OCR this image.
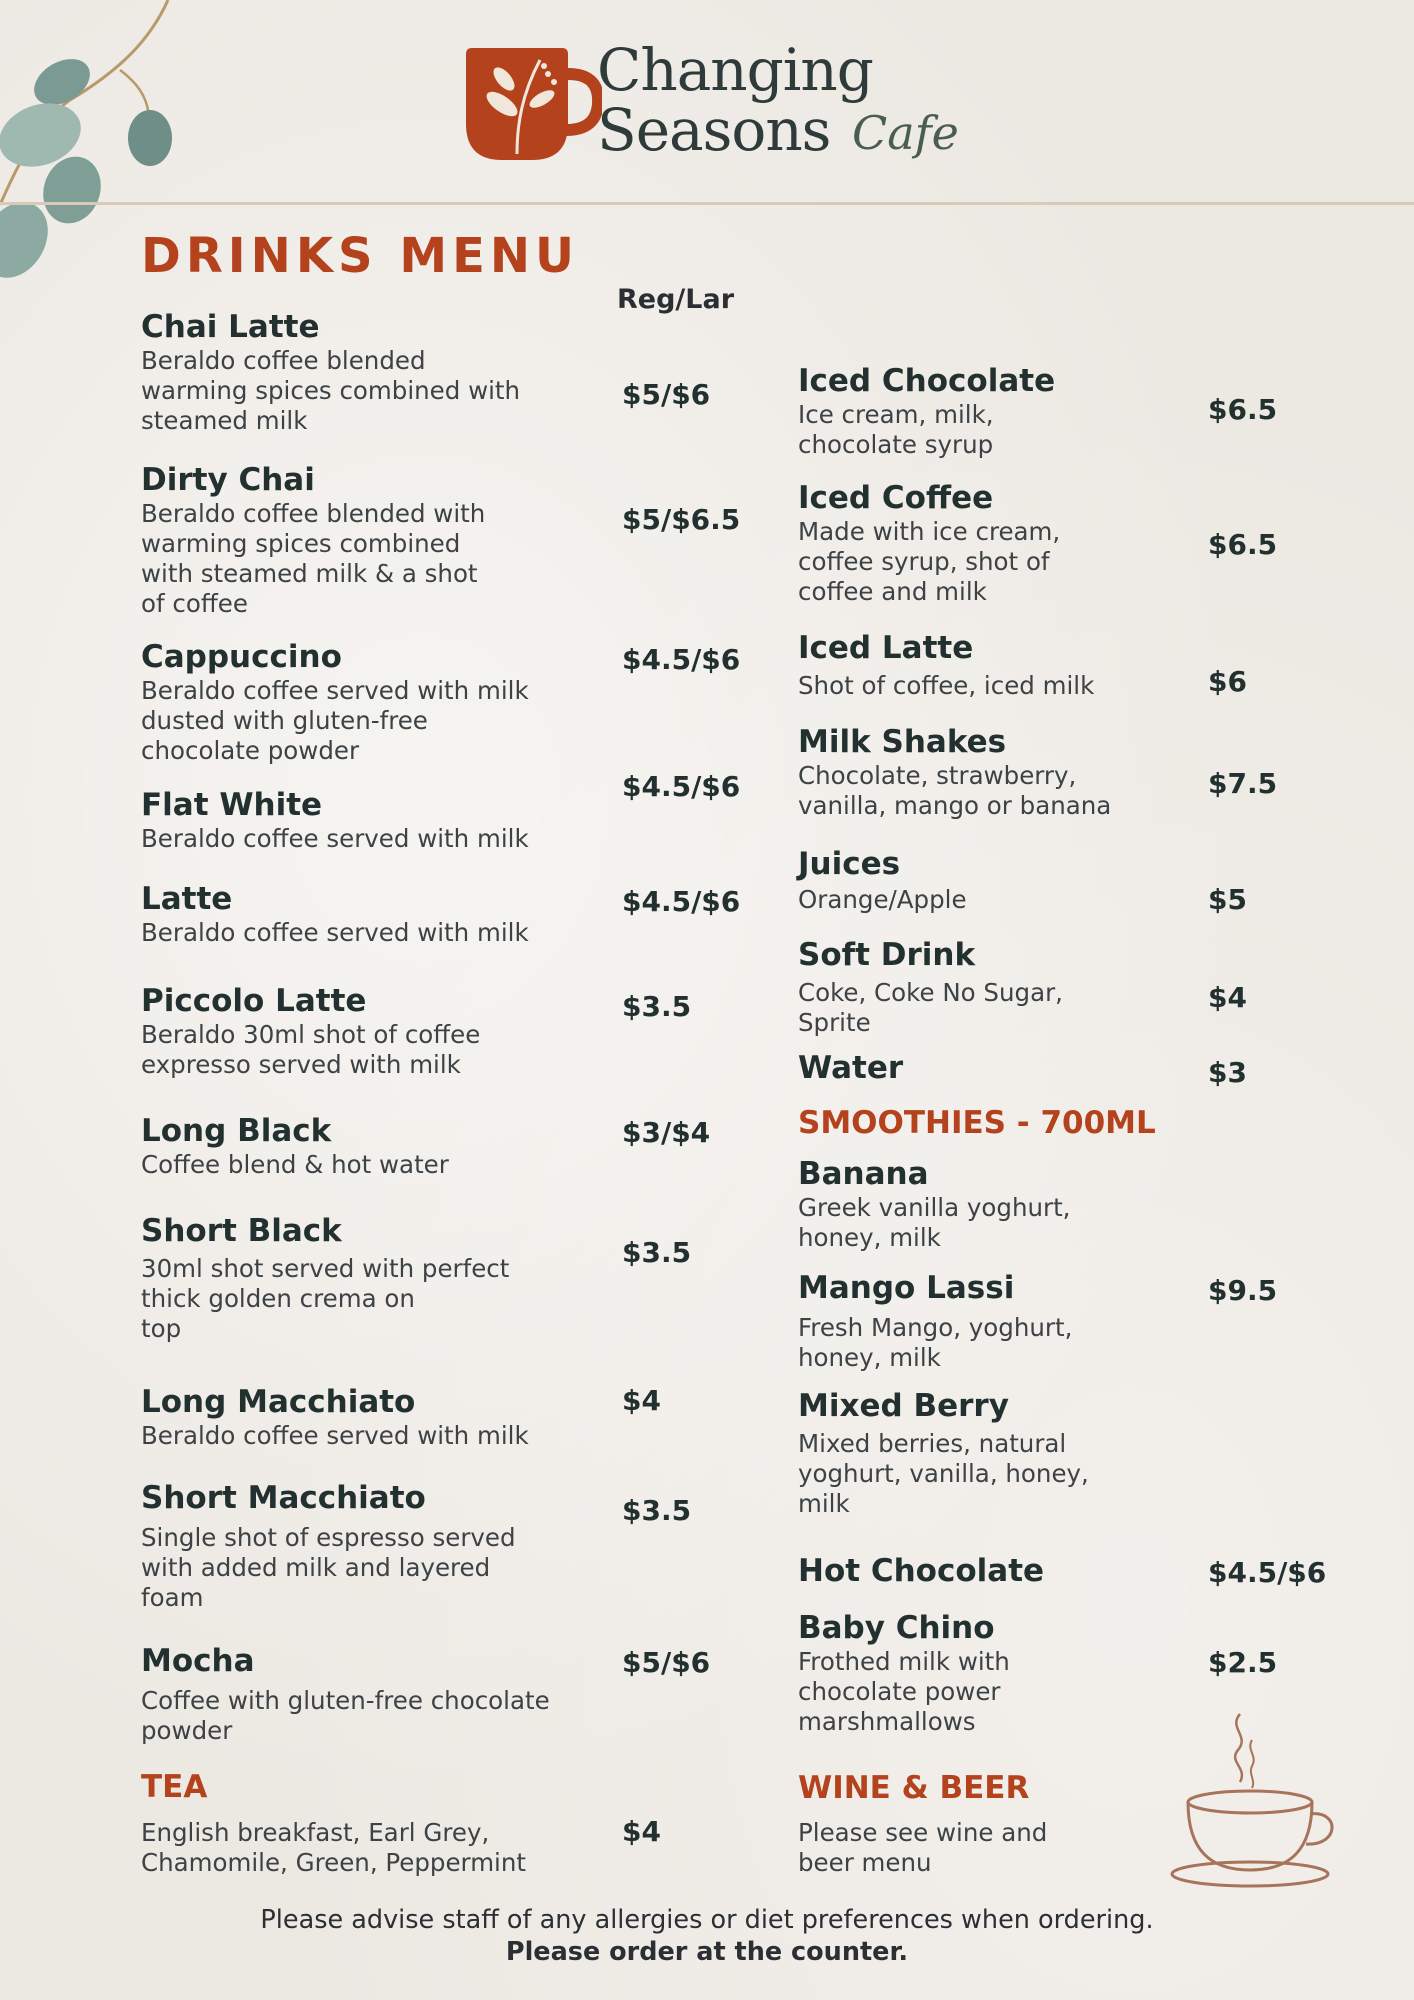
Changing
Seasons Cafe
DRINKS MENU
Reg/Lar
Chai Latte
Beraldo coffee blended
warming spices combined with
steamed milk
$5/$6
Dirty Chai
Beraldo coffee blended with
warming spices combined
with steamed milk & a shot
of coffee
$5/$6.5
Cappuccino
Beraldo coffee served with milk
dusted with gluten-free
chocolate powder
$4.5/$6
Flat White
Beraldo coffee served with milk
$4.5/$6
Latte
Beraldo coffee served with milk
$4.5/$6
Piccolo Latte
Beraldo 30ml shot of coffee
expresso served with milk
$3.5
Long Black
Coffee blend & hot water
$3/$4
Short Black
30ml shot served with perfect
thick golden crema on
top
$3.5
Long Macchiato
Beraldo coffee served with milk
$4
Short Macchiato
Single shot of espresso served
with added milk and layered
foam
$3.5
Mocha
Coffee with gluten-free chocolate
powder
$5/$6
TEA
English breakfast, Earl Grey,
Chamomile, Green, Peppermint
$4
Iced Chocolate
Ice cream, milk,
chocolate syrup
$6.5
Iced Coffee
Made with ice cream,
coffee syrup, shot of
coffee and milk
$6.5
Iced Latte
Shot of coffee, iced milk	$6
Milk Shakes
Chocolate, strawberry,
vanilla, mango or banana
$7.5
Juices
Orange/Apple	$5
Soft Drink
Coke, Coke No Sugar,
Sprite
$4
Water	$3
SMOOTHIES - 700ML
Banana
Greek vanilla yoghurt,
honey, milk
Mango Lassi
Fresh Mango, yoghurt,
honey, milk
$9.5
Mixed Berry
Mixed berries, natural
yoghurt, vanilla, honey,
milk
Hot Chocolate	$4.5/$6
Baby Chino
Frothed milk with
chocolate power
marshmallows
$2.5
WINE & BEER
Please see wine and
beer menu
Please advise staff of any allergies or diet preferences when ordering.
Please order at the counter.
